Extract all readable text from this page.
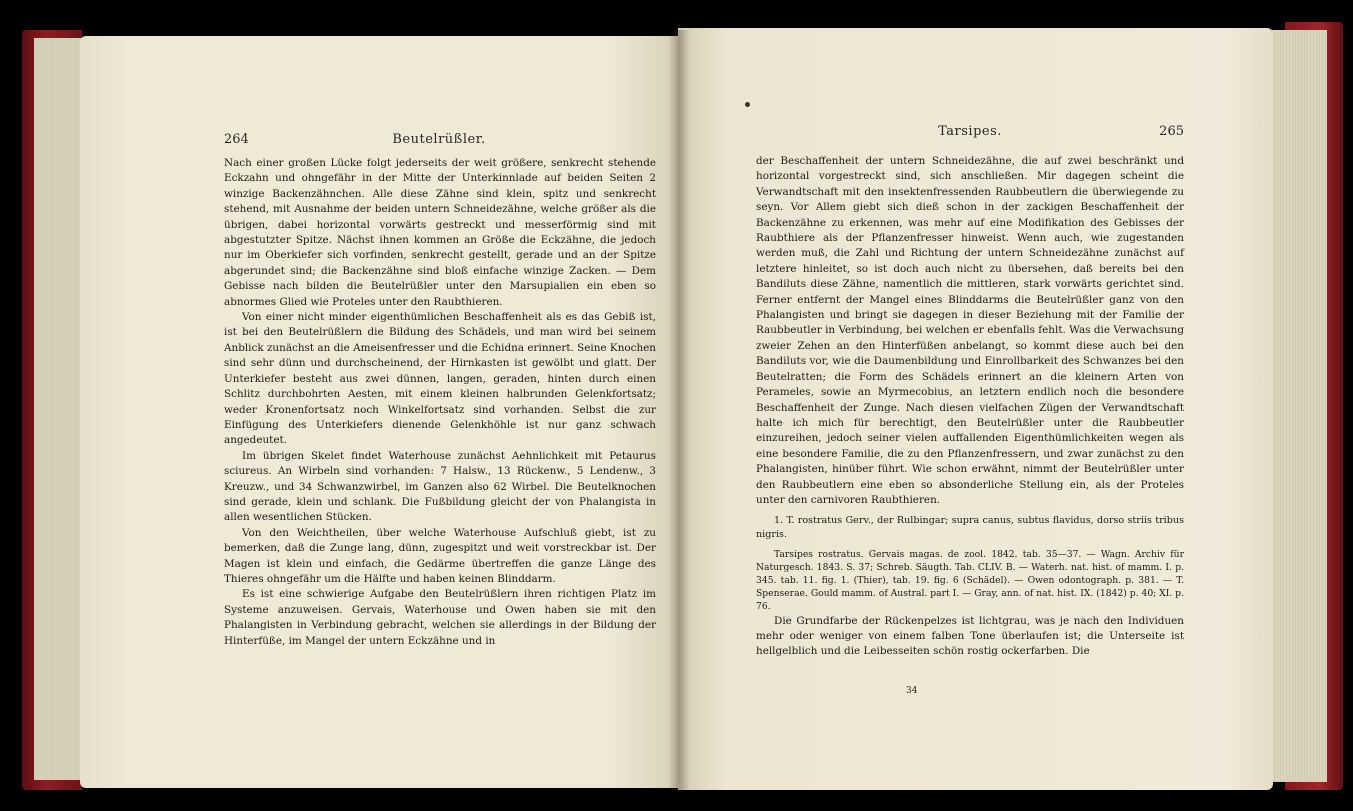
264	Beutelrüßler.

Nach einer großen Lücke folgt jederseits der weit größere, senkrecht stehende Eckzahn und ohngefähr in der Mitte der Unterkinnlade auf beiden Seiten 2 winzige Backenzähnchen. Alle diese Zähne sind klein, spitz und senkrecht stehend, mit Ausnahme der beiden untern Schneidezähne, welche größer als die übrigen, dabei horizontal vorwärts gestreckt und messerförmig sind mit abgestutzter Spitze. Nächst ihnen kommen an Größe die Eckzähne, die jedoch nur im Oberkiefer sich vorfinden, senkrecht gestellt, gerade und an der Spitze abgerundet sind; die Backenzähne sind bloß einfache winzige Zacken. — Dem Gebisse nach bilden die Beutelrüßler unter den Marsupialien ein eben so abnormes Glied wie Proteles unter den Raubthieren.

Von einer nicht minder eigenthümlichen Beschaffenheit als es das Gebiß ist, ist bei den Beutelrüßlern die Bildung des Schädels, und man wird bei seinem Anblick zunächst an die Ameisenfresser und die Echidna erinnert. Seine Knochen sind sehr dünn und durchscheinend, der Hirnkasten ist gewölbt und glatt. Der Unterkiefer besteht aus zwei dünnen, langen, geraden, hinten durch einen Schlitz durchbohrten Aesten, mit einem kleinen halbrunden Gelenkfortsatz; weder Kronenfortsatz noch Winkelfortsatz sind vorhanden. Selbst die zur Einfügung des Unterkiefers dienende Gelenkhöhle ist nur ganz schwach angedeutet.

Im übrigen Skelet findet Waterhouse zunächst Aehnlichkeit mit Petaurus sciureus. An Wirbeln sind vorhanden: 7 Halsw., 13 Rückenw., 5 Lendenw., 3 Kreuzw., und 34 Schwanzwirbel, im Ganzen also 62 Wirbel. Die Beutelknochen sind gerade, klein und schlank. Die Fußbildung gleicht der von Phalangista in allen wesentlichen Stücken.

Von den Weichtheilen, über welche Waterhouse Aufschluß giebt, ist zu bemerken, daß die Zunge lang, dünn, zugespitzt und weit vorstreckbar ist. Der Magen ist klein und einfach, die Gedärme übertreffen die ganze Länge des Thieres ohngefähr um die Hälfte und haben keinen Blinddarm.

Es ist eine schwierige Aufgabe den Beutelrüßlern ihren richtigen Platz im Systeme anzuweisen. Gervais, Waterhouse und Owen haben sie mit den Phalangisten in Verbindung gebracht, welchen sie allerdings in der Bildung der Hinterfüße, im Mangel der untern Eckzähne und in

Tarsipes.	265

der Beschaffenheit der untern Schneidezähne, die auf zwei beschränkt und horizontal vorgestreckt sind, sich anschließen. Mir dagegen scheint die Verwandtschaft mit den insektenfressenden Raubbeutlern die überwiegende zu seyn. Vor Allem giebt sich dieß schon in der zackigen Beschaffenheit der Backenzähne zu erkennen, was mehr auf eine Modifikation des Gebisses der Raubthiere als der Pflanzenfresser hinweist. Wenn auch, wie zugestanden werden muß, die Zahl und Richtung der untern Schneidezähne zunächst auf letztere hinleitet, so ist doch auch nicht zu übersehen, daß bereits bei den Bandiluts diese Zähne, namentlich die mittleren, stark vorwärts gerichtet sind. Ferner entfernt der Mangel eines Blinddarms die Beutelrüßler ganz von den Phalangisten und bringt sie dagegen in dieser Beziehung mit der Familie der Raubbeutler in Verbindung, bei welchen er ebenfalls fehlt. Was die Verwachsung zweier Zehen an den Hinterfüßen anbelangt, so kommt diese auch bei den Bandiluts vor, wie die Daumenbildung und Einrollbarkeit des Schwanzes bei den Beutelratten; die Form des Schädels erinnert an die kleinern Arten von Perameles, sowie an Myrmecobius, an letztern endlich noch die besondere Beschaffenheit der Zunge. Nach diesen vielfachen Zügen der Verwandtschaft halte ich mich für berechtigt, den Beutelrüßler unter die Raubbeutler einzureihen, jedoch seiner vielen auffallenden Eigenthümlichkeiten wegen als eine besondere Familie, die zu den Pflanzenfressern, und zwar zunächst zu den Phalangisten, hinüber führt. Wie schon erwähnt, nimmt der Beutelrüßler unter den Raubbeutlern eine eben so absonderliche Stellung ein, als der Proteles unter den carnivoren Raubthieren.

1. T. rostratus Gerv., der Rulbingar; supra canus, subtus flavidus, dorso striis tribus nigris.

Tarsipes rostratus. Gervais magas. de zool. 1842. tab. 35—37. — Wagn. Archiv für Naturgesch. 1843. S. 37; Schreb. Säugth. Tab. CLIV. B. — Waterh. nat. hist. of mamm. I. p. 345. tab. 11. fig. 1. (Thier), tab. 19. fig. 6 (Schädel). — Owen odontograph. p. 381. — T. Spenserae. Gould mamm. of Austral. part I. — Gray, ann. of nat. hist. IX. (1842) p. 40; XI. p. 76.

Die Grundfarbe der Rückenpelzes ist lichtgrau, was je nach den Individuen mehr oder weniger von einem falben Tone überlaufen ist; die Unterseite ist hellgelblich und die Leibesseiten schön rostig ockerfarben. Die

34
